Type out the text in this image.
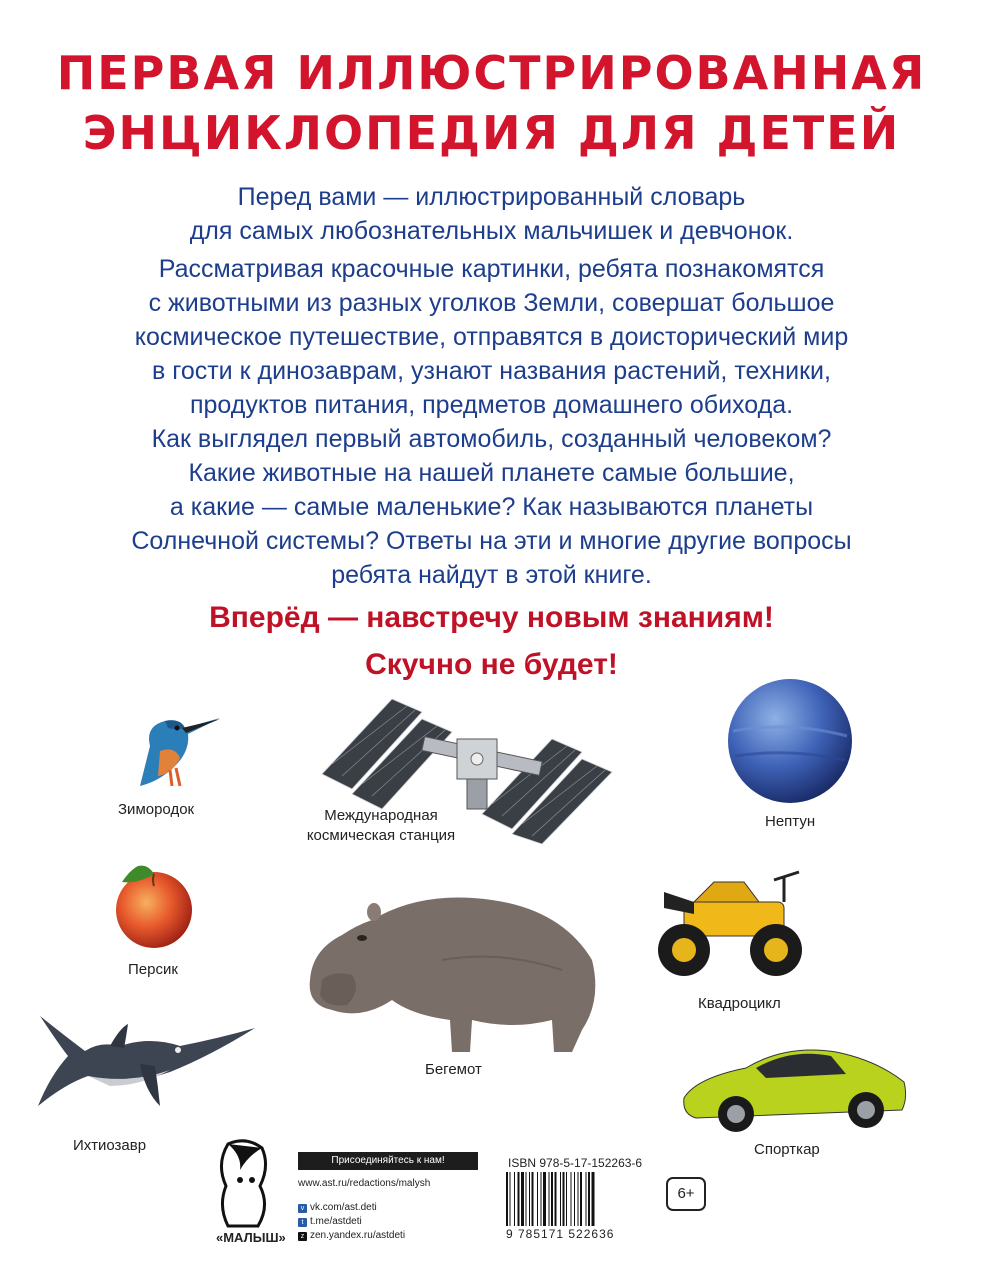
ПЕРВАЯ ИЛЛЮСТРИРОВАННАЯ
ЭНЦИКЛОПЕДИЯ ДЛЯ ДЕТЕЙ
Перед вами — иллюстрированный словарь
для самых любознательных мальчишек и девчонок.
Рассматривая красочные картинки, ребята познакомятся
с животными из разных уголков Земли, совершат большое
космическое путешествие, отправятся в доисторический мир
в гости к динозаврам, узнают названия растений, техники,
продуктов питания, предметов домашнего обихода.
Как выглядел первый автомобиль, созданный человеком?
Какие животные на нашей планете самые большие,
а какие — самые маленькие? Как называются планеты
Солнечной системы? Ответы на эти и многие другие вопросы
ребята найдут в этой книге.
Вперёд — навстречу новым знаниям!
Скучно не будет!
Зимородок	Международная
космическая станция
Нептун
Персик
Бегемот
Квадроцикл
Ихтиозавр	Спорткар
«МАЛЫШ»
Присоединяйтесь к нам!
www.ast.ru/redactions/malysh
v vk.com/ast.deti
t t.me/astdeti
z zen.yandex.ru/astdeti
ISBN 978-5-17-152263-6
9 785171 522636
6+
